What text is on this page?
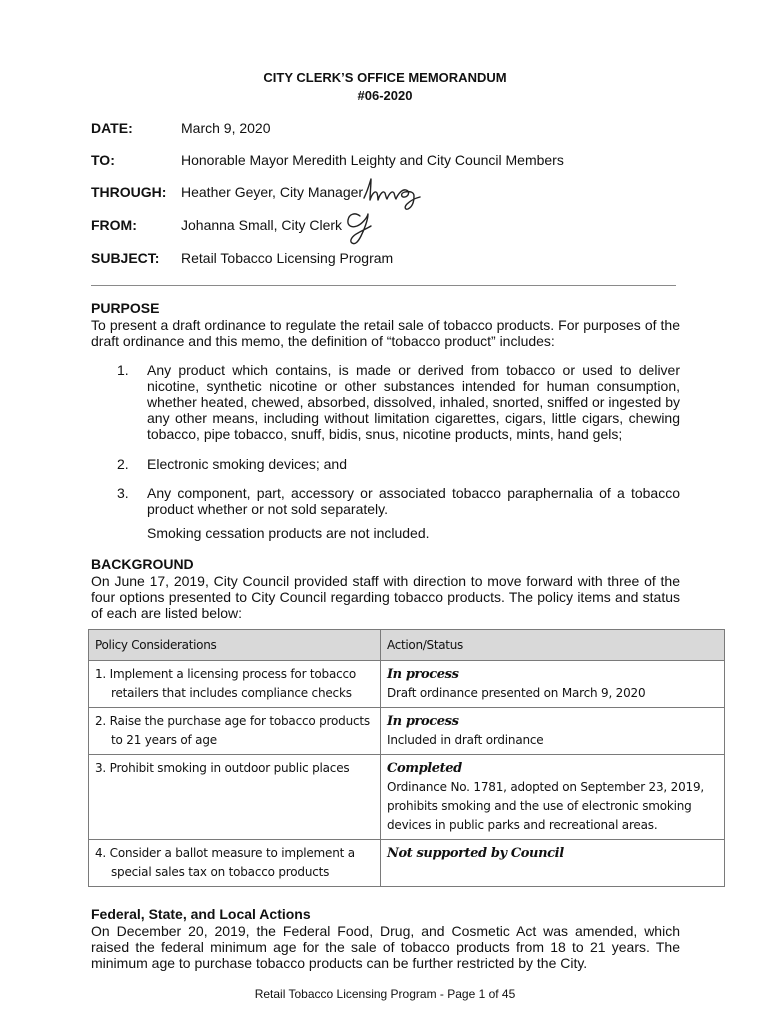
CITY CLERK’S OFFICE MEMORANDUM
#06-2020
DATE:	March 9, 2020
TO:	Honorable Mayor Meredith Leighty and City Council Members
THROUGH: Heather Geyer, City Manager
FROM:	Johanna Small, City Clerk
SUBJECT: Retail Tobacco Licensing Program
PURPOSE
To present a draft ordinance to regulate the retail sale of tobacco products. For purposes of the draft ordinance and this memo, the definition of “tobacco product” includes:
1. Any product which contains, is made or derived from tobacco or used to deliver nicotine, synthetic nicotine or other substances intended for human consumption, whether heated, chewed, absorbed, dissolved, inhaled, snorted, sniffed or ingested by any other means, including without limitation cigarettes, cigars, little cigars, chewing tobacco, pipe tobacco, snuff, bidis, snus, nicotine products, mints, hand gels;
2. Electronic smoking devices; and
3. Any component, part, accessory or associated tobacco paraphernalia of a tobacco product whether or not sold separately.
Smoking cessation products are not included.
BACKGROUND
On June 17, 2019, City Council provided staff with direction to move forward with three of the four options presented to City Council regarding tobacco products. The policy items and status of each are listed below:
Policy Considerations	Action/Status

1. Implement a licensing process for tobacco retailers that includes compliance checks	In process
Draft ordinance presented on March 9, 2020

2. Raise the purchase age for tobacco products to 21 years of age	In process
Included in draft ordinance

3. Prohibit smoking in outdoor public places	Completed
Ordinance No. 1781, adopted on September 23, 2019, prohibits smoking and the use of electronic smoking devices in public parks and recreational areas.

4. Consider a ballot measure to implement a special sales tax on tobacco products	Not supported by Council
Federal, State, and Local Actions
On December 20, 2019, the Federal Food, Drug, and Cosmetic Act was amended, which raised the federal minimum age for the sale of tobacco products from 18 to 21 years. The minimum age to purchase tobacco products can be further restricted by the City.
Retail Tobacco Licensing Program - Page 1 of 45
